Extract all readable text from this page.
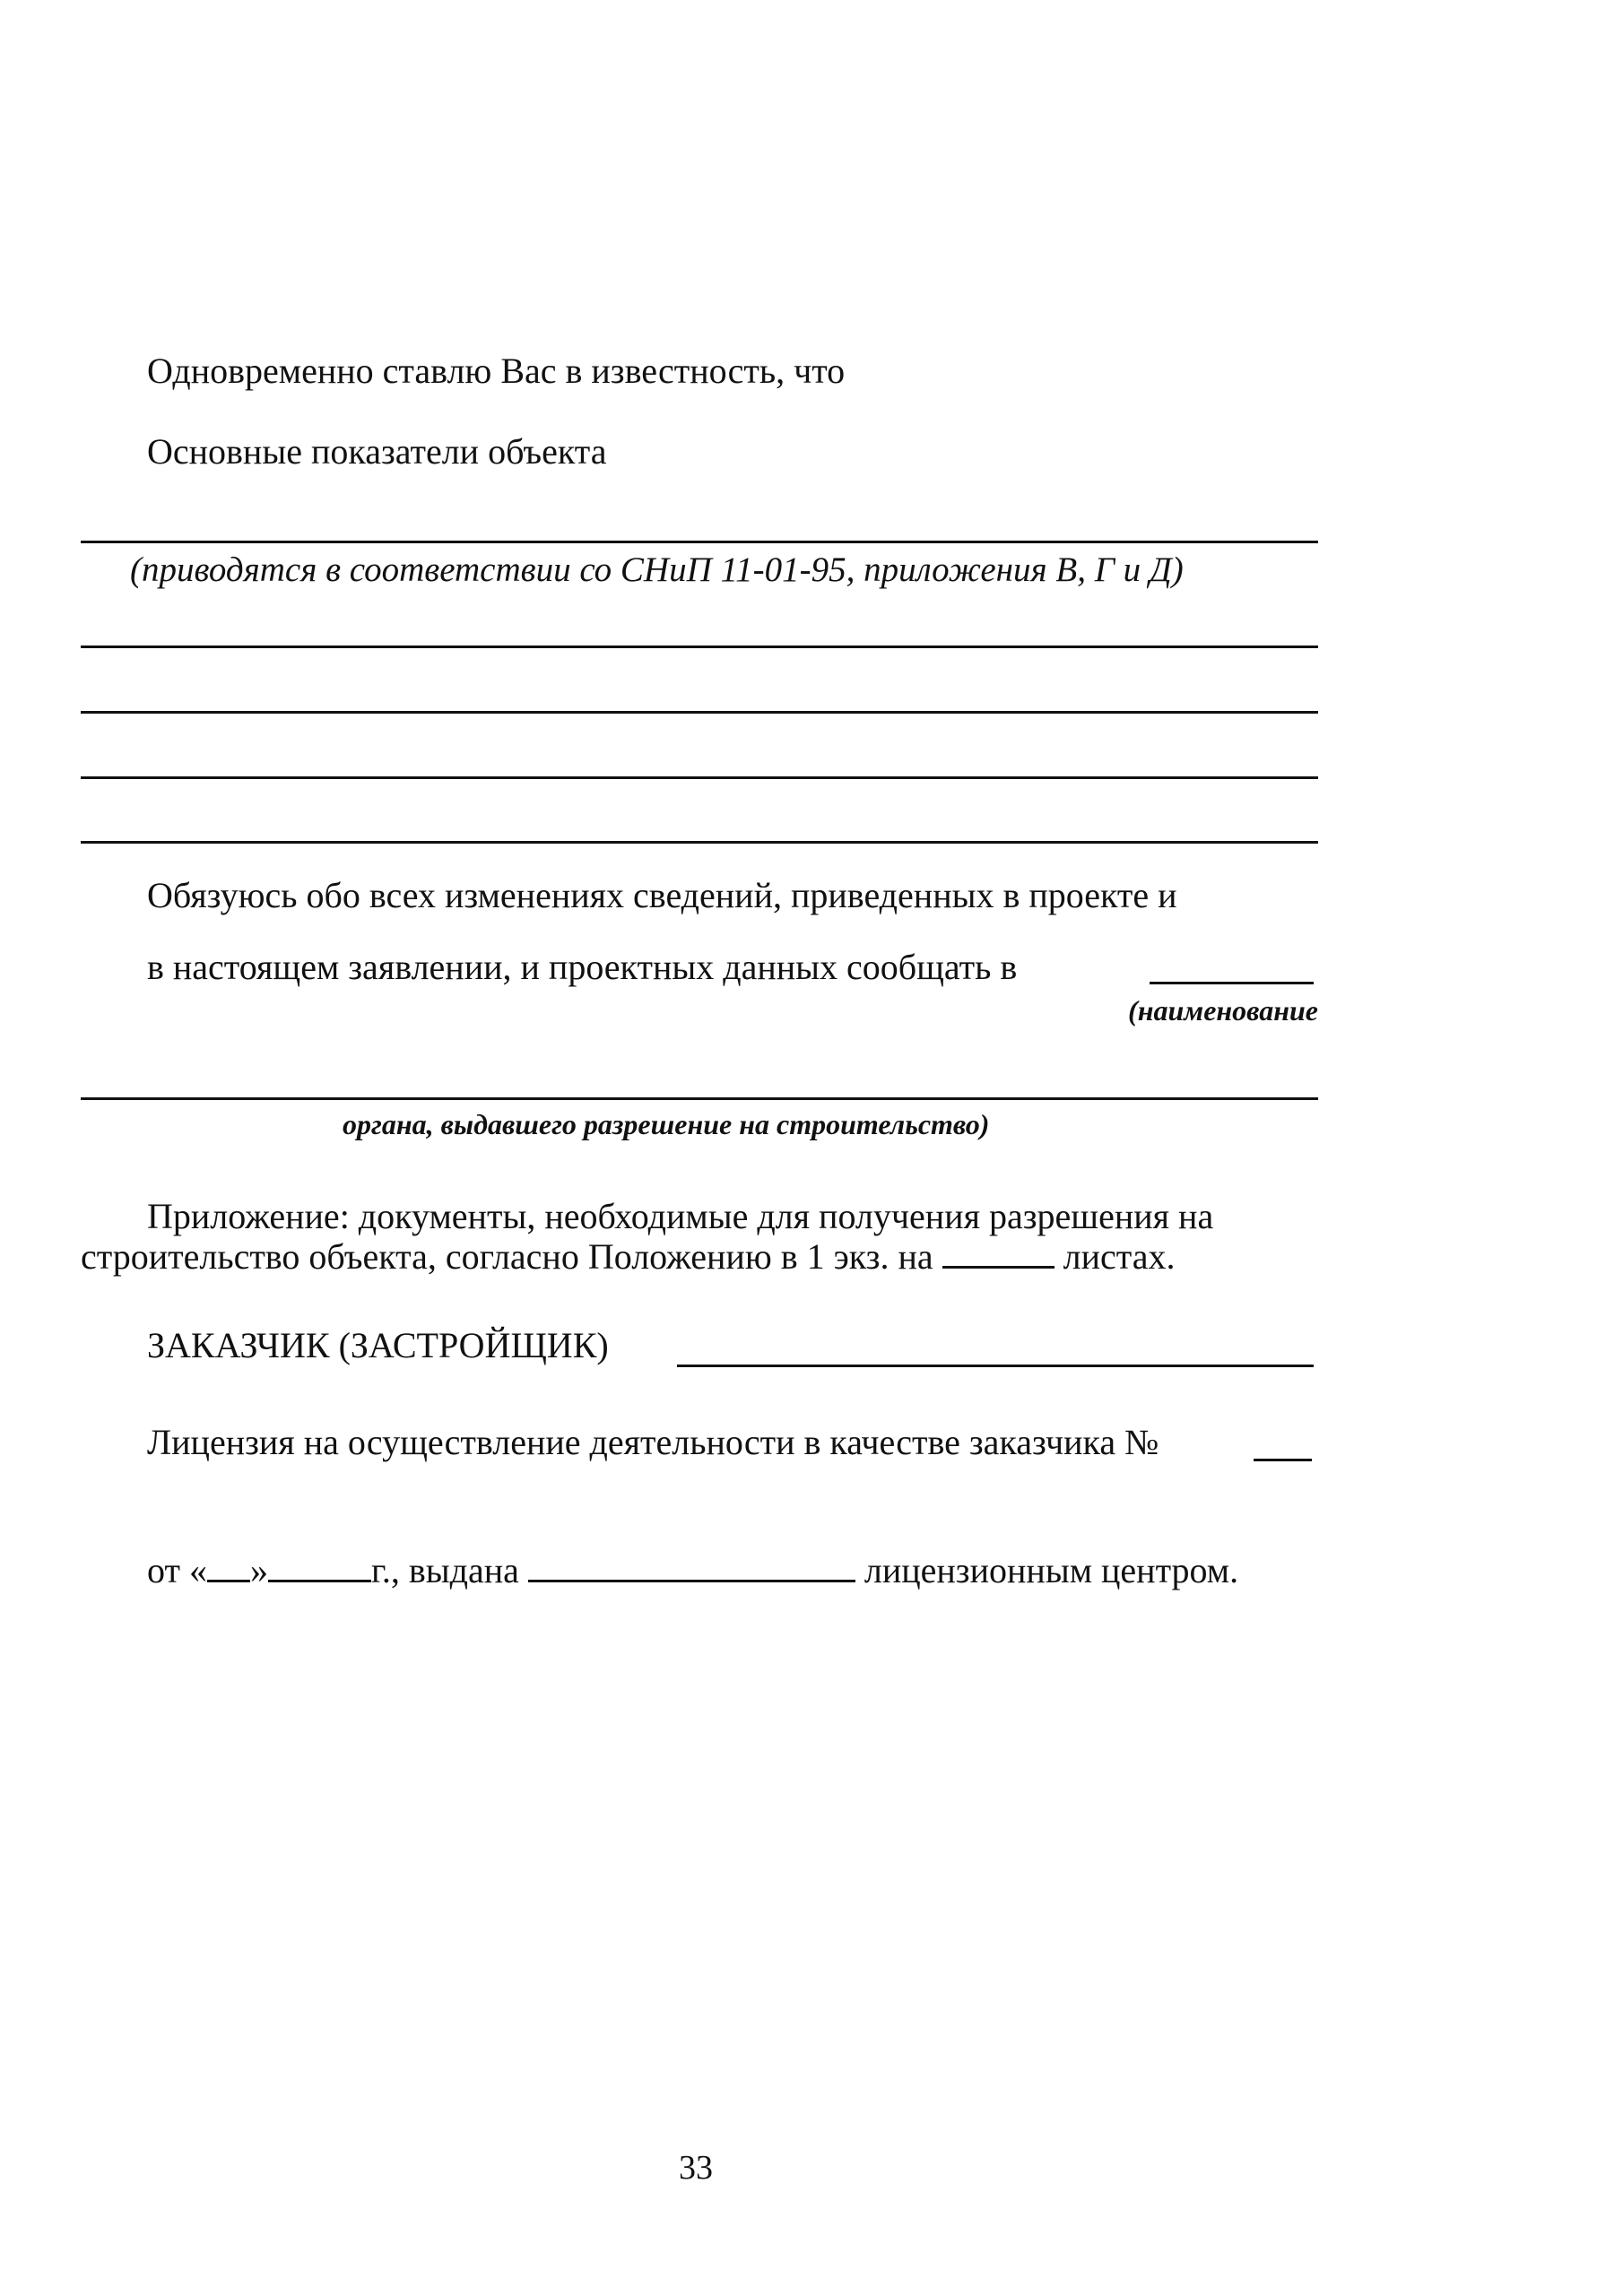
Одновременно ставлю Вас в известность, что
Основные показатели объекта
(приводятся в соответствии со СНиП 11-01-95, приложения В, Г и Д)
Обязуюсь обо всех изменениях сведений, приведенных в проекте и
в настоящем заявлении, и проектных данных сообщать в
(наименование
органа, выдавшего разрешение на строительство)
Приложение: документы, необходимые для получения разрешения на
строительство объекта, согласно Положению в 1 экз. на	листах.
ЗАКАЗЧИК (ЗАСТРОЙЩИК)
Лицензия на осуществление деятельности в качестве заказчика №
от « »	г., выдана	лицензионным центром.
33
